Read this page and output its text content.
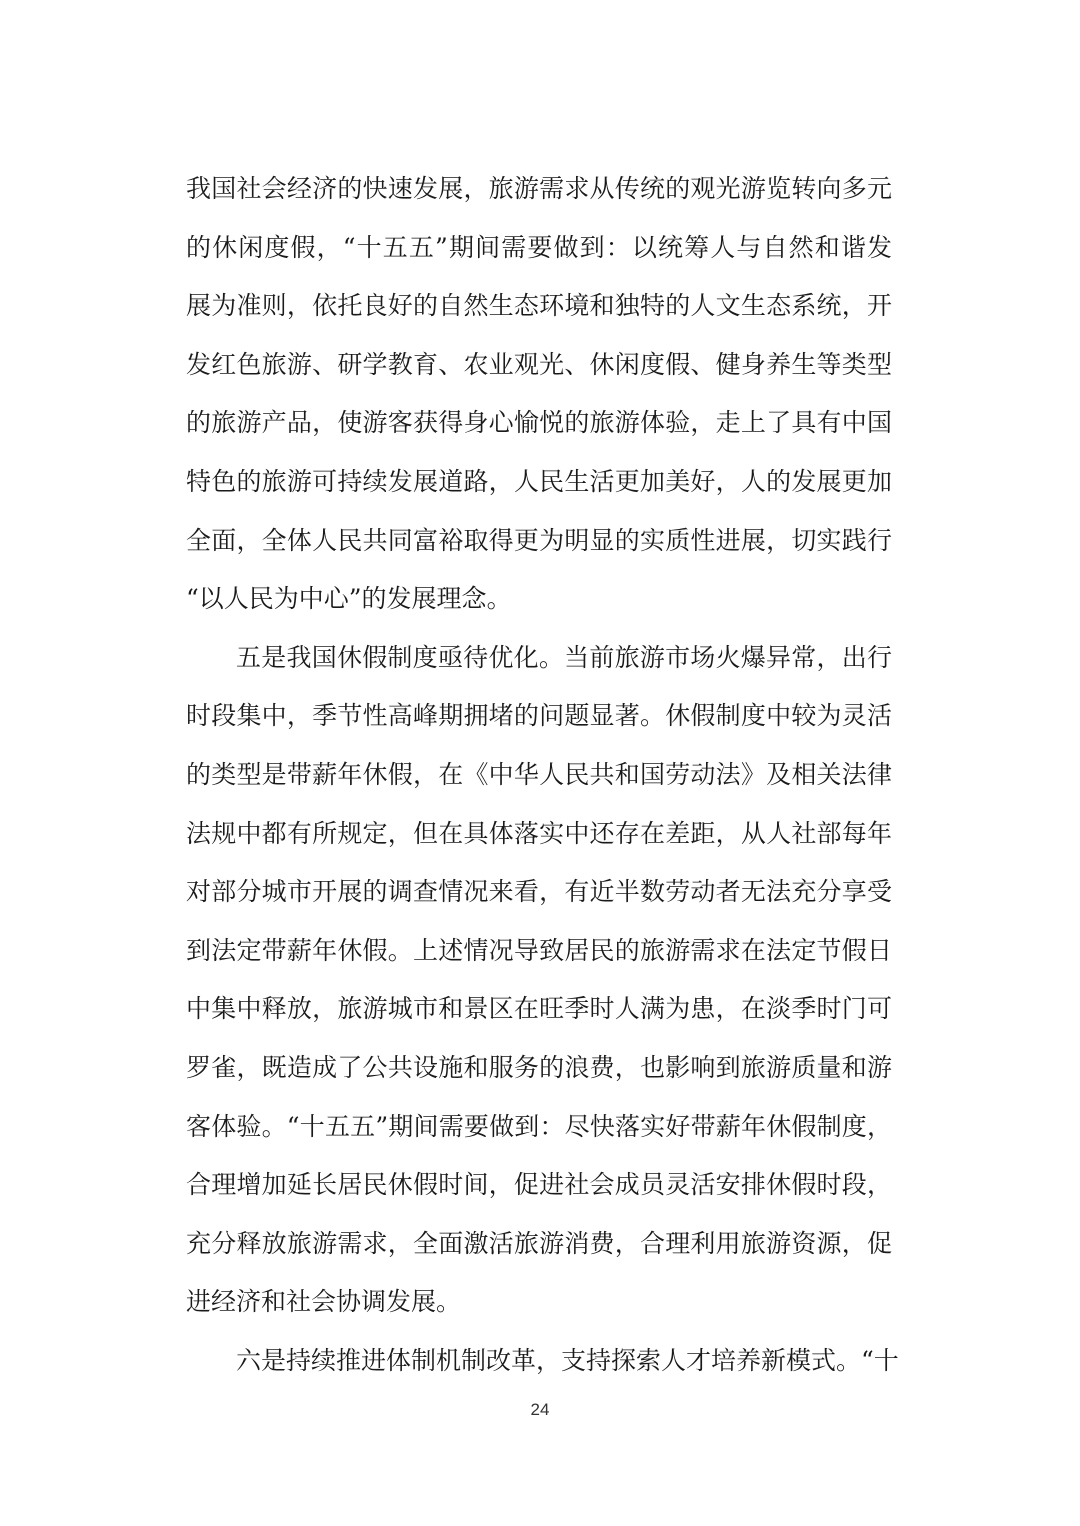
我国社会经济的快速发展，旅游需求从传统的观光游览转向多元
的休闲度假，“十五五”期间需要做到：以统筹人与自然和谐发
展为准则，依托良好的自然生态环境和独特的人文生态系统，开
发红色旅游、研学教育、农业观光、休闲度假、健身养生等类型
的旅游产品，使游客获得身心愉悦的旅游体验，走上了具有中国
特色的旅游可持续发展道路，人民生活更加美好，人的发展更加
全面，全体人民共同富裕取得更为明显的实质性进展，切实践行
“以人民为中心”的发展理念。
五是我国休假制度亟待优化。当前旅游市场火爆异常，出行
时段集中，季节性高峰期拥堵的问题显著。休假制度中较为灵活
的类型是带薪年休假，在《中华人民共和国劳动法》及相关法律
法规中都有所规定，但在具体落实中还存在差距，从人社部每年
对部分城市开展的调查情况来看，有近半数劳动者无法充分享受
到法定带薪年休假。上述情况导致居民的旅游需求在法定节假日
中集中释放，旅游城市和景区在旺季时人满为患，在淡季时门可
罗雀，既造成了公共设施和服务的浪费，也影响到旅游质量和游
客体验。“十五五”期间需要做到：尽快落实好带薪年休假制度，
合理增加延长居民休假时间，促进社会成员灵活安排休假时段，
充分释放旅游需求，全面激活旅游消费，合理利用旅游资源，促
进经济和社会协调发展。
六是持续推进体制机制改革，支持探索人才培养新模式。“十
24
